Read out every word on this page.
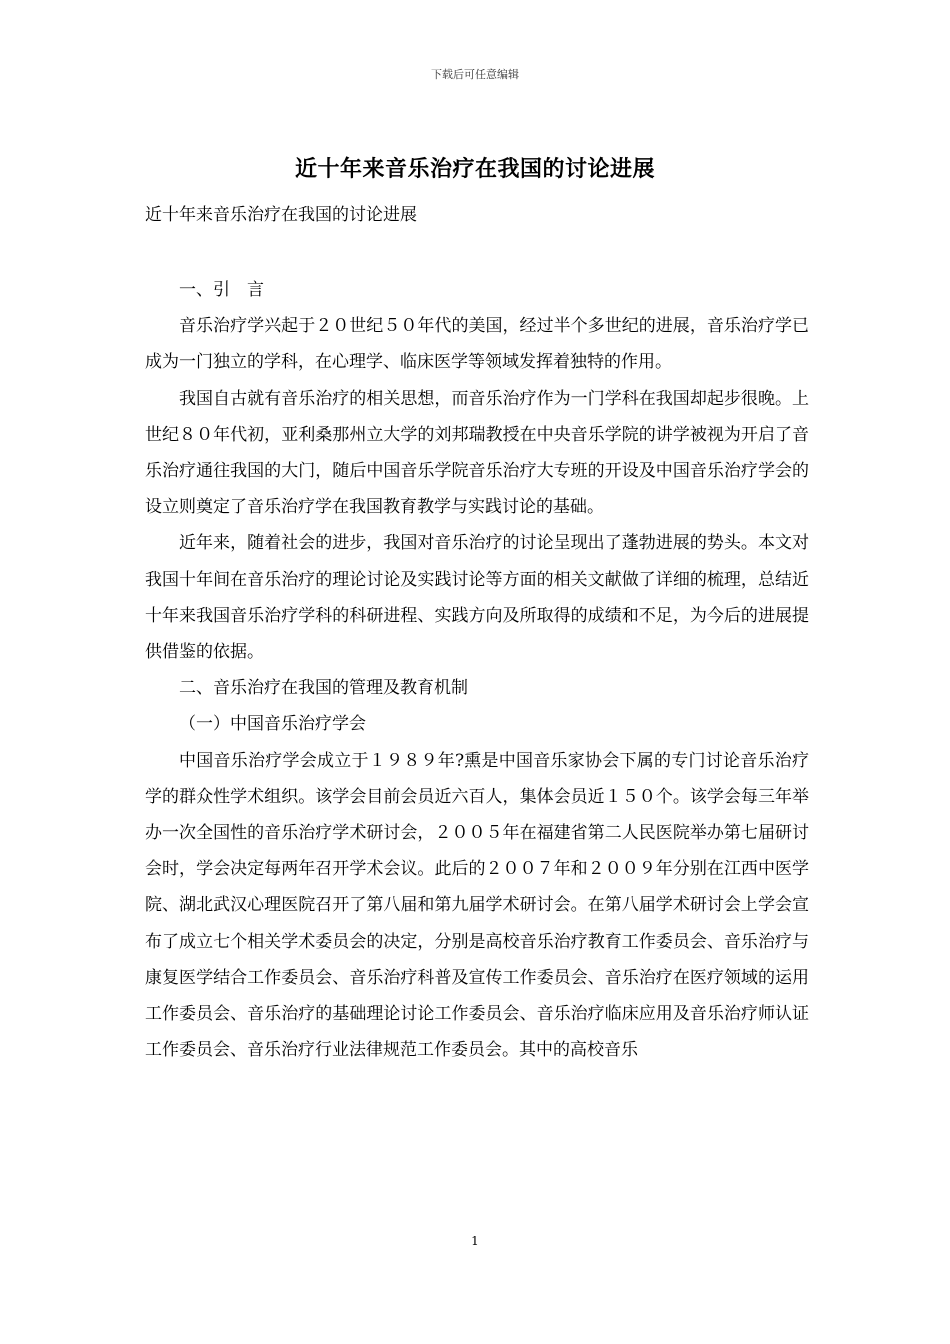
下载后可任意编辑
近十年来音乐治疗在我国的讨论进展
近十年来音乐治疗在我国的讨论进展

一、引　言

音乐治疗学兴起于２０世纪５０年代的美国，经过半个多世纪的进展，音乐治疗学已成为一门独立的学科，在心理学、临床医学等领域发挥着独特的作用。

我国自古就有音乐治疗的相关思想，而音乐治疗作为一门学科在我国却起步很晚。上世纪８０年代初，亚利桑那州立大学的刘邦瑞教授在中央音乐学院的讲学被视为开启了音乐治疗通往我国的大门，随后中国音乐学院音乐治疗大专班的开设及中国音乐治疗学会的设立则奠定了音乐治疗学在我国教育教学与实践讨论的基础。

近年来，随着社会的进步，我国对音乐治疗的讨论呈现出了蓬勃进展的势头。本文对我国十年间在音乐治疗的理论讨论及实践讨论等方面的相关文献做了详细的梳理，总结近十年来我国音乐治疗学科的科研进程、实践方向及所取得的成绩和不足，为今后的进展提供借鉴的依据。

二、音乐治疗在我国的管理及教育机制

（一）中国音乐治疗学会

中国音乐治疗学会成立于１９８９年?熏是中国音乐家协会下属的专门讨论音乐治疗学的群众性学术组织。该学会目前会员近六百人，集体会员近１５０个。该学会每三年举办一次全国性的音乐治疗学术研讨会，２００５年在福建省第二人民医院举办第七届研讨会时，学会决定每两年召开学术会议。此后的２００７年和２００９年分别在江西中医学院、湖北武汉心理医院召开了第八届和第九届学术研讨会。在第八届学术研讨会上学会宣布了成立七个相关学术委员会的决定，分别是高校音乐治疗教育工作委员会、音乐治疗与康复医学结合工作委员会、音乐治疗科普及宣传工作委员会、音乐治疗在医疗领域的运用工作委员会、音乐治疗的基础理论讨论工作委员会、音乐治疗临床应用及音乐治疗师认证工作委员会、音乐治疗行业法律规范工作委员会。其中的高校音乐

1
